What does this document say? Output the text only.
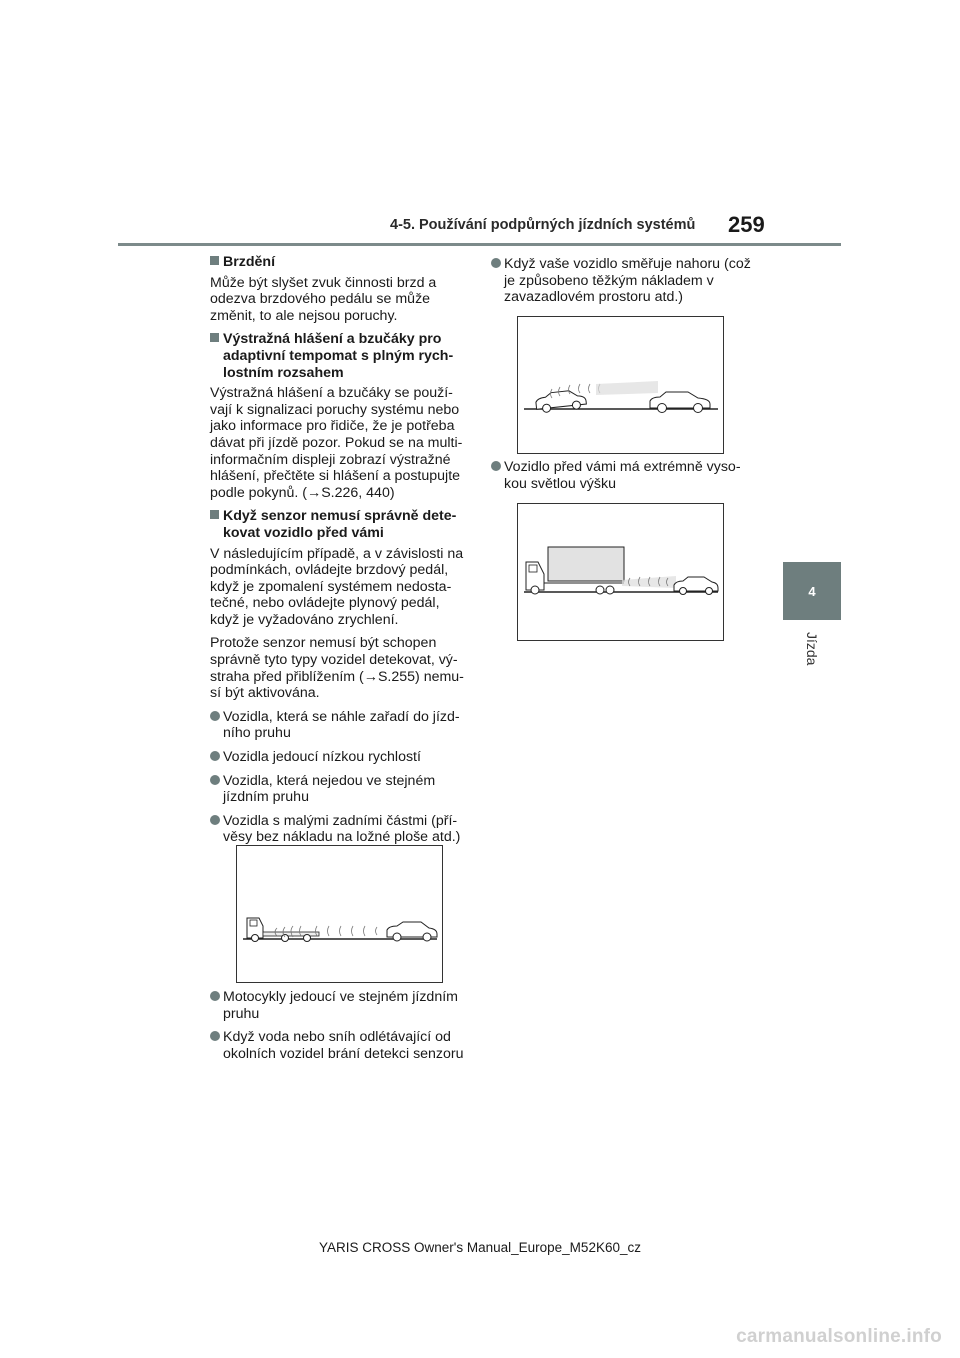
4-5. Používání podpůrných jízdních systémů 259
4
Jízda

Brzdění

Může být slyšet zvuk činnosti brzd a odezva brzdového pedálu se může změnit, to ale nejsou poruchy.

Výstražná hlášení a bzučáky pro adaptivní tempomat s plným rych-lostním rozsahem

Výstražná hlášení a bzučáky se použí-vají k signalizaci poruchy systému nebo jako informace pro řidiče, že je potřeba dávat při jízdě pozor. Pokud se na multi-informačním displeji zobrazí výstražné hlášení, přečtěte si hlášení a postupujte podle pokynů. (→S.226, 440)

Když senzor nemusí správně dete-kovat vozidlo před vámi

V následujícím případě, a v závislosti na podmínkách, ovládejte brzdový pedál, když je zpomalení systémem nedosta-tečné, nebo ovládejte plynový pedál, když je vyžadováno zrychlení.

Protože senzor nemusí být schopen správně tyto typy vozidel detekovat, vý-straha před přiblížením (→S.255) nemu-sí být aktivována.

Vozidla, která se náhle zařadí do jízd-ního pruhu

Vozidla jedoucí nízkou rychlostí

Vozidla, která nejedou ve stejném jízdním pruhu

Vozidla s malými zadními částmi (pří-věsy bez nákladu na ložné ploše atd.)

Motocykly jedoucí ve stejném jízdním pruhu

Když voda nebo sníh odlétávající od okolních vozidel brání detekci senzoru

Když vaše vozidlo směřuje nahoru (což je způsobeno těžkým nákladem v zavazadlovém prostoru atd.)

Vozidlo před vámi má extrémně vyso-kou světlou výšku

YARIS CROSS Owner's Manual_Europe_M52K60_cz
carmanualsonline.info
